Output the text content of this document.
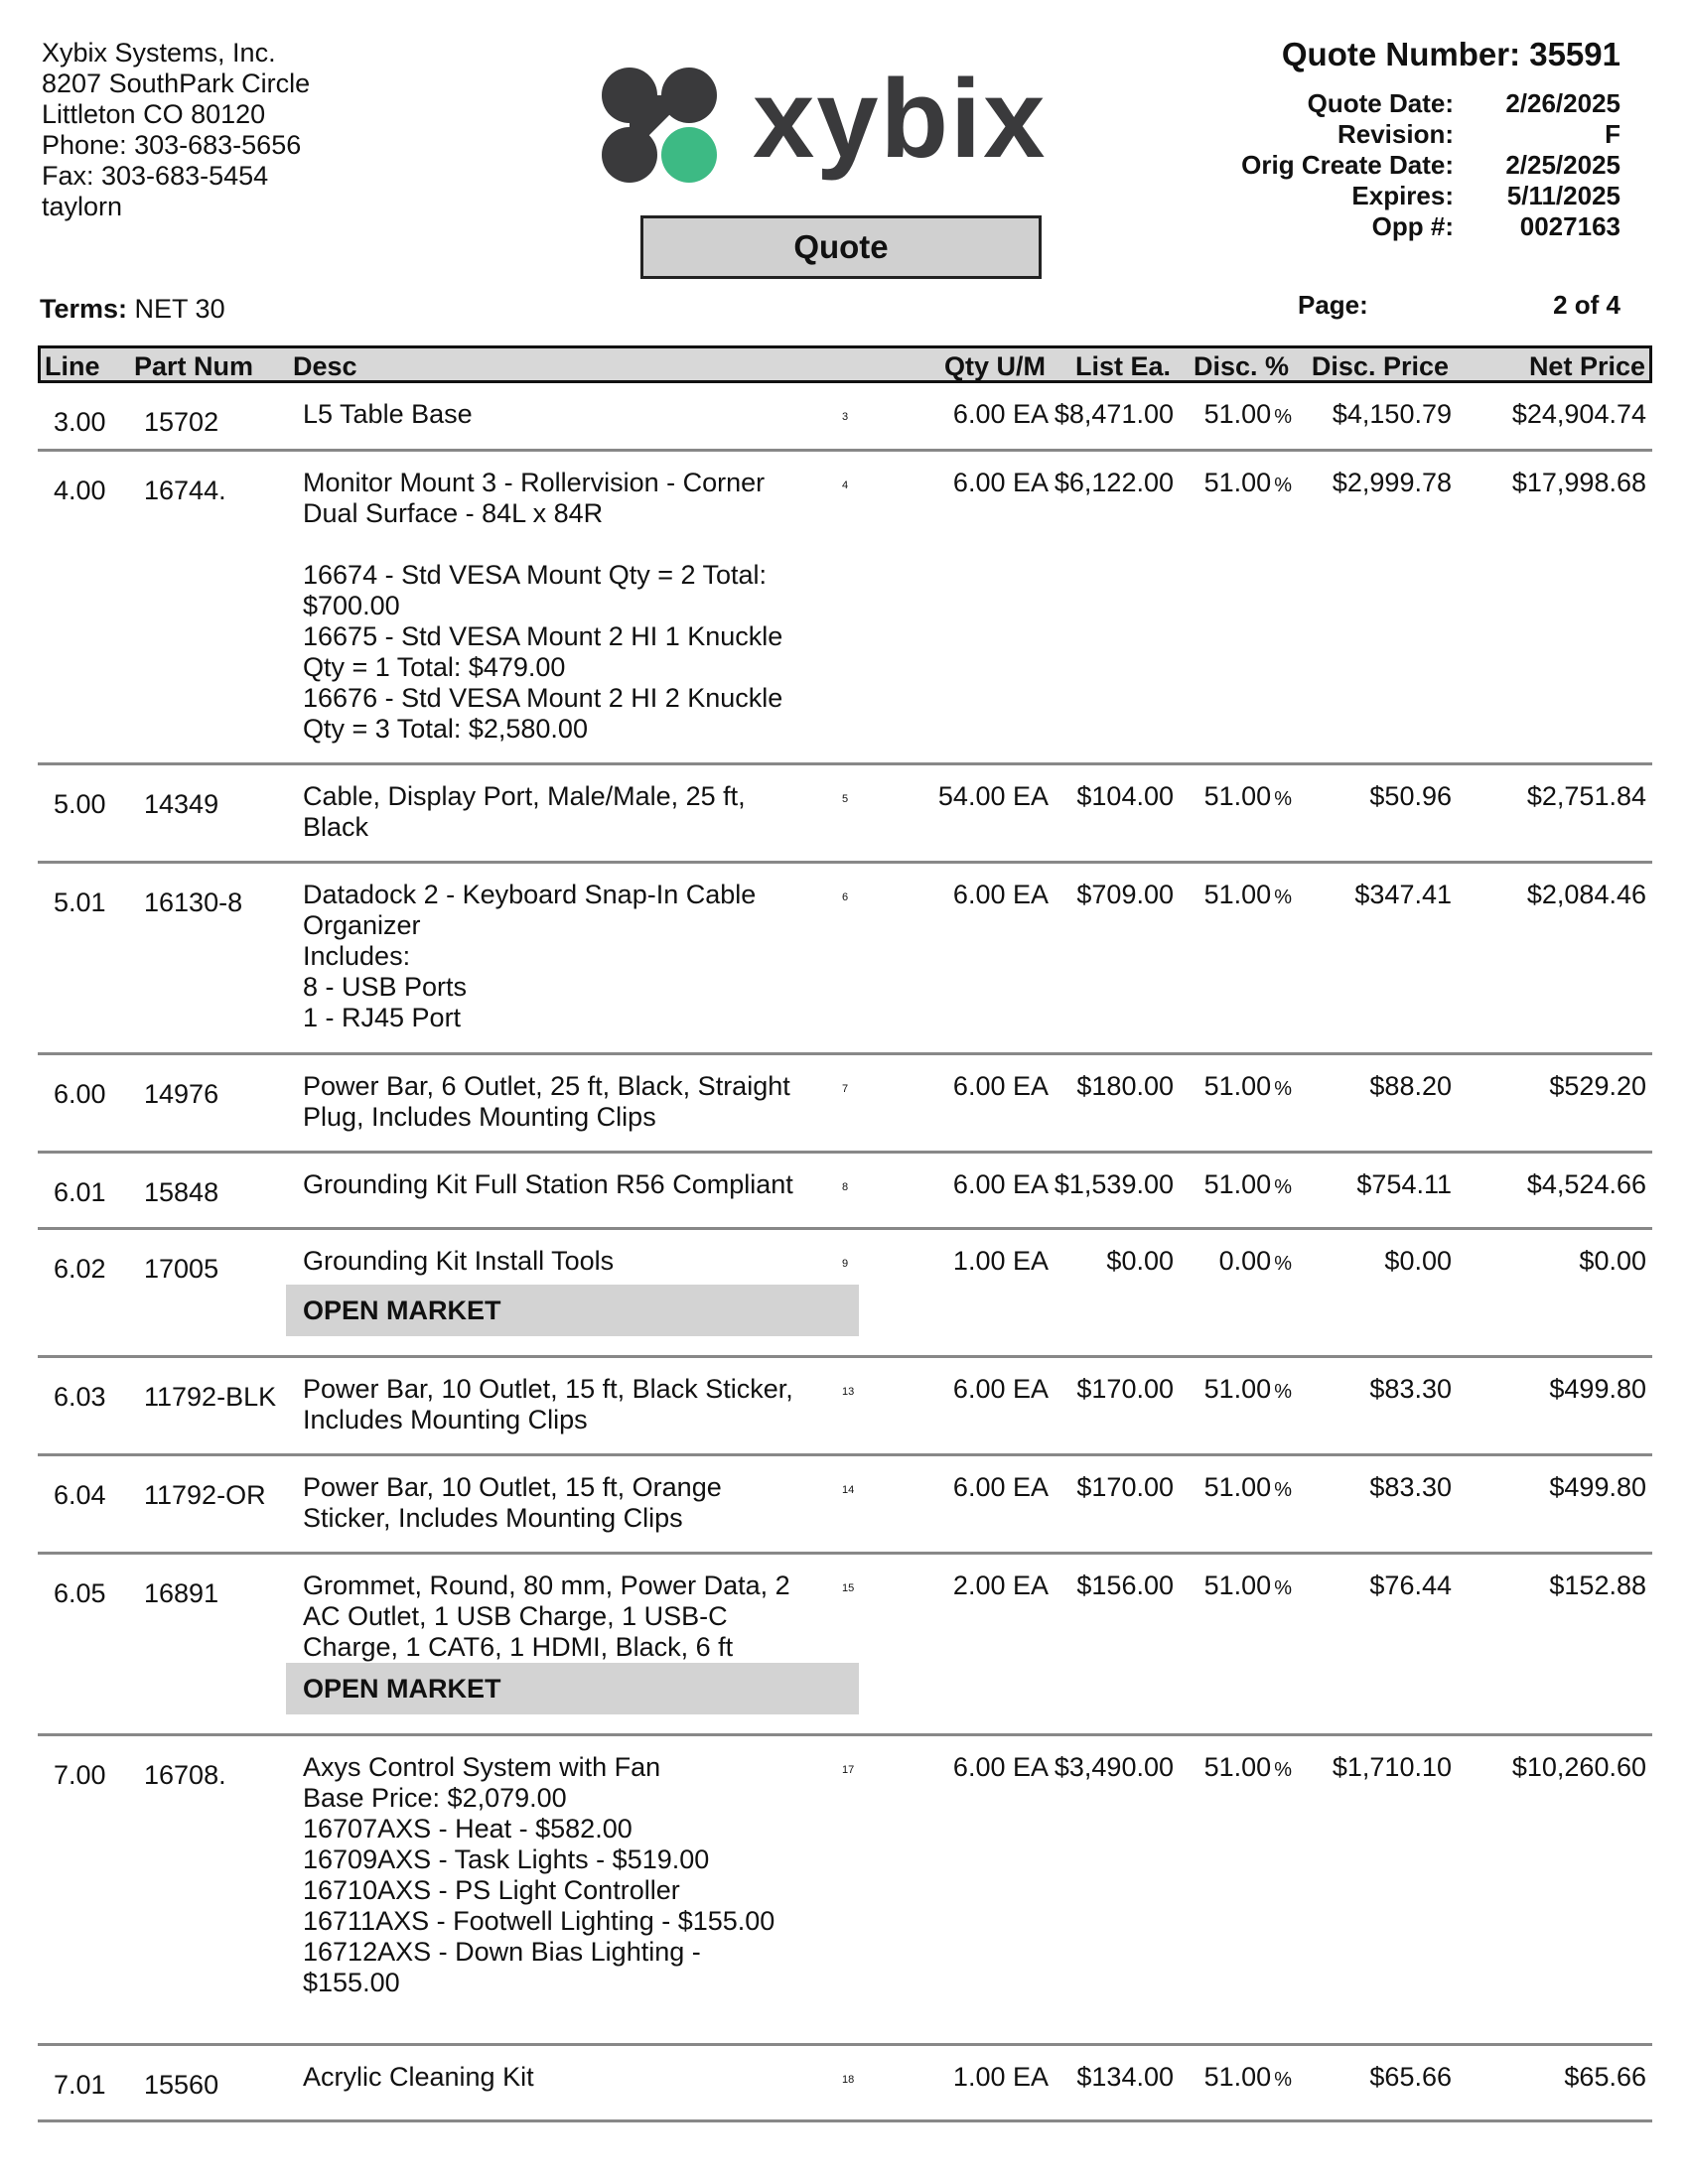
Xybix Systems, Inc.
8207 SouthPark Circle
Littleton CO 80120
Phone: 303-683-5656
Fax: 303-683-5454
taylorn
xybix
Quote
Quote Number: 35591
Quote Date:	2/26/2025
Revision:	F
Orig Create Date:	2/25/2025
Expires:	5/11/2025
Opp #:	0027163
Terms: NET 30	Page:	2 of 4
Line Part Num Desc	Qty U/M List Ea. Disc. % Disc. Price	Net Price
3.00 15702	L5 Table Base	3	6.00 EA $8,471.00 51.00 % $4,150.79 $24,904.74
4.00 16744.	Monitor Mount 3 - Rollervision - Corner
Dual Surface - 84L x 84R
16674 - Std VESA Mount Qty = 2 Total:
$700.00
16675 - Std VESA Mount 2 HI 1 Knuckle
Qty = 1 Total: $479.00
16676 - Std VESA Mount 2 HI 2 Knuckle
Qty = 3 Total: $2,580.00
4	6.00 EA $6,122.00 51.00 % $2,999.78 $17,998.68
5.00 14349	Cable, Display Port, Male/Male, 25 ft,
Black
5	54.00 EA $104.00 51.00 %	$50.96	$2,751.84
5.01 16130-8 Datadock 2 - Keyboard Snap-In Cable
Organizer
Includes:
8 - USB Ports
1 - RJ45 Port
6	6.00 EA $709.00 51.00 % $347.41	$2,084.46
6.00 14976	Power Bar, 6 Outlet, 25 ft, Black, Straight
Plug, Includes Mounting Clips
7	6.00 EA $180.00 51.00 %	$88.20	$529.20
6.01 15848	Grounding Kit Full Station R56 Compliant	8	6.00 EA $1,539.00 51.00 % $754.11	$4,524.66
6.02 17005	Grounding Kit Install Tools	9	1.00 EA $0.00 0.00 %	$0.00	$0.00
OPEN MARKET
6.03 11792-BLK Power Bar, 10 Outlet, 15 ft, Black Sticker,
Includes Mounting Clips
13	6.00 EA $170.00 51.00 %	$83.30	$499.80
6.04 11792-OR Power Bar, 10 Outlet, 15 ft, Orange
Sticker, Includes Mounting Clips
14	6.00 EA $170.00 51.00 %	$83.30	$499.80
6.05 16891	Grommet, Round, 80 mm, Power Data, 2
AC Outlet, 1 USB Charge, 1 USB-C
Charge, 1 CAT6, 1 HDMI, Black, 6 ft
15	2.00 EA $156.00 51.00 %	$76.44	$152.88
OPEN MARKET
7.00 16708.	Axys Control System with Fan
Base Price: $2,079.00
16707AXS - Heat - $582.00
16709AXS - Task Lights - $519.00
16710AXS - PS Light Controller
16711AXS - Footwell Lighting - $155.00
16712AXS - Down Bias Lighting -
$155.00
17	6.00 EA $3,490.00 51.00 % $1,710.10 $10,260.60
7.01 15560	Acrylic Cleaning Kit	18	1.00 EA $134.00 51.00 %	$65.66	$65.66
